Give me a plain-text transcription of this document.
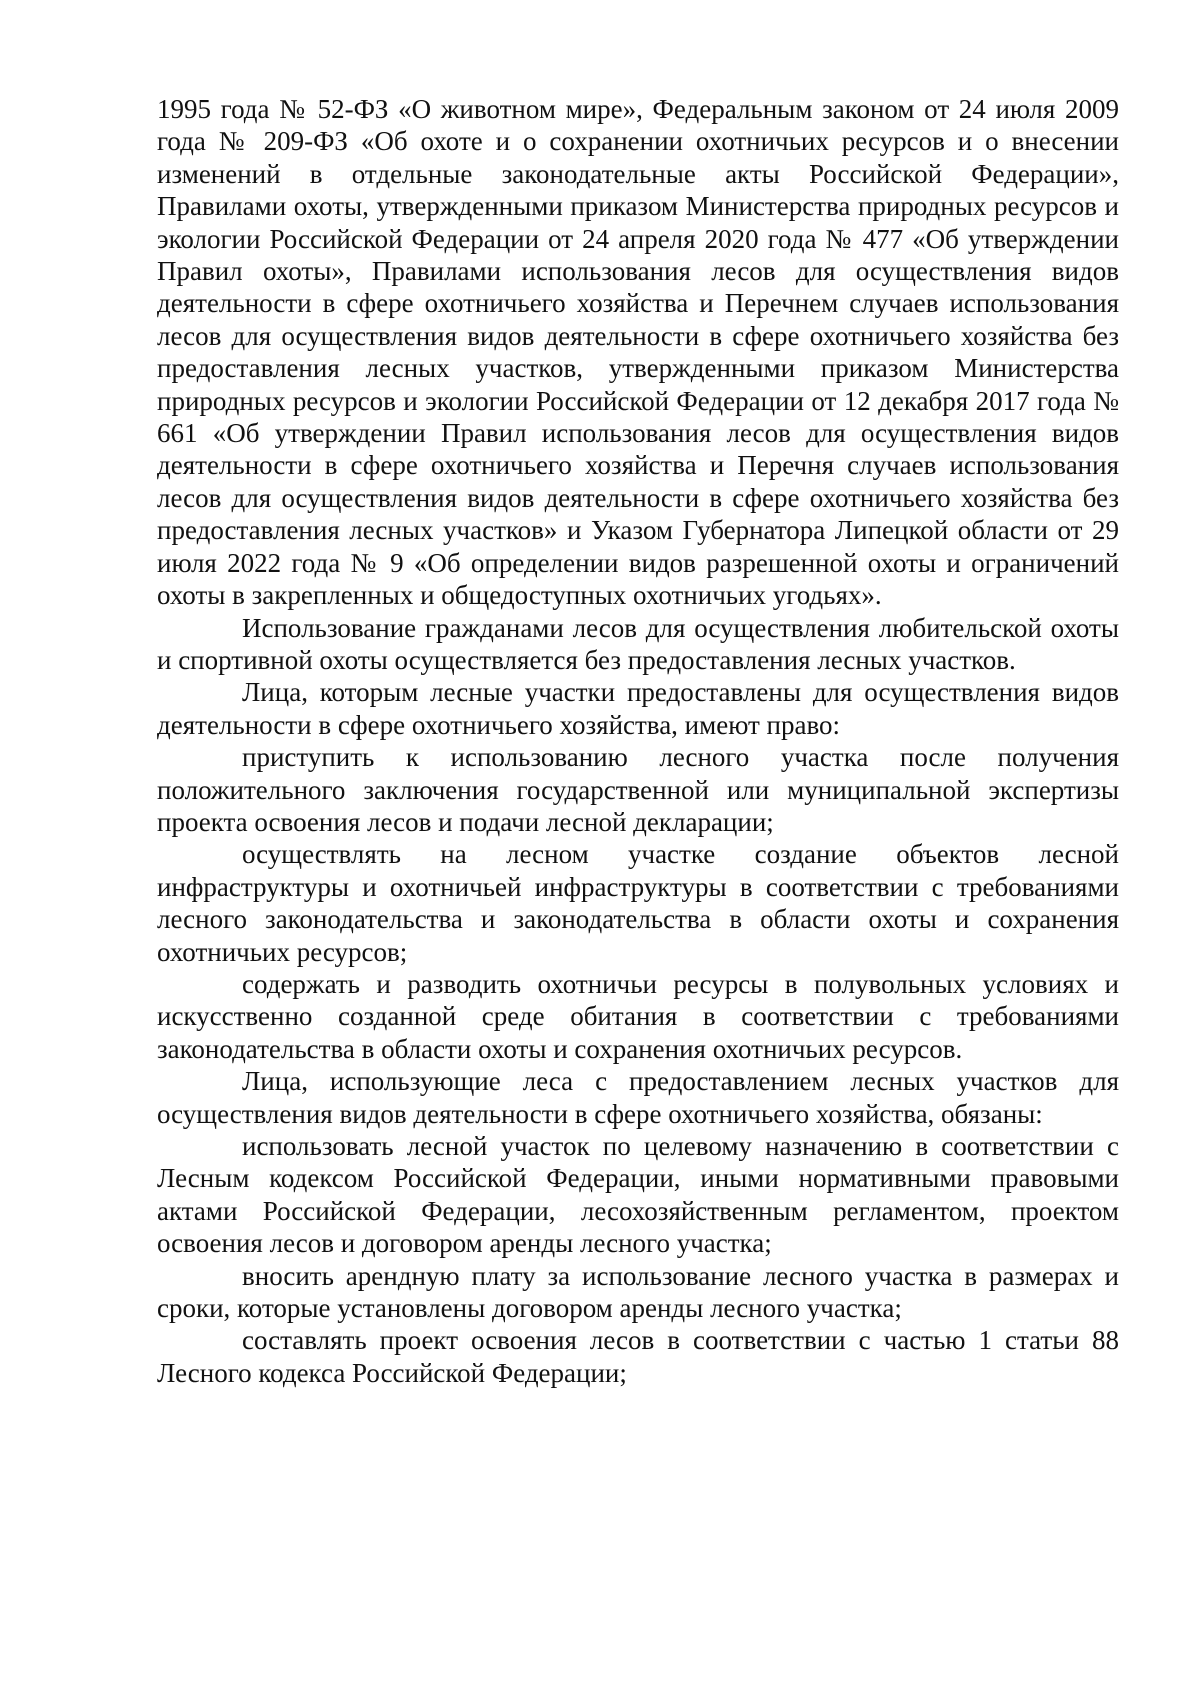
1995 года № 52-ФЗ «О животном мире», Федеральным законом от 24 июля 2009 года № 209-ФЗ «Об охоте и о сохранении охотничьих ресурсов и о внесении изменений в отдельные законодательные акты Российской Федерации», Правилами охоты, утвержденными приказом Министерства природных ресурсов и экологии Российской Федерации от 24 апреля 2020 года № 477 «Об утверждении Правил охоты», Правилами использования лесов для осуществления видов деятельности в сфере охотничьего хозяйства и Перечнем случаев использования лесов для осуществления видов деятельности в сфере охотничьего хозяйства без предоставления лесных участков, утвержденными приказом Министерства природных ресурсов и экологии Российской Федерации от 12 декабря 2017 года № 661 «Об утверждении Правил использования лесов для осуществления видов деятельности в сфере охотничьего хозяйства и Перечня случаев использования лесов для осуществления видов деятельности в сфере охотничьего хозяйства без предоставления лесных участков» и Указом Губернатора Липецкой области от 29 июля 2022 года № 9 «Об определении видов разрешенной охоты и ограничений охоты в закрепленных и общедоступных охотничьих угодьях».

Использование гражданами лесов для осуществления любительской охоты и спортивной охоты осуществляется без предоставления лесных участков.

Лица, которым лесные участки предоставлены для осуществления видов деятельности в сфере охотничьего хозяйства, имеют право:

приступить к использованию лесного участка после получения положительного заключения государственной или муниципальной экспертизы проекта освоения лесов и подачи лесной декларации;

осуществлять на лесном участке создание объектов лесной инфраструктуры и охотничьей инфраструктуры в соответствии с требованиями лесного законодательства и законодательства в области охоты и сохранения охотничьих ресурсов;

содержать и разводить охотничьи ресурсы в полувольных условиях и искусственно созданной среде обитания в соответствии с требованиями законодательства в области охоты и сохранения охотничьих ресурсов.

Лица, использующие леса с предоставлением лесных участков для осуществления видов деятельности в сфере охотничьего хозяйства, обязаны:

использовать лесной участок по целевому назначению в соответствии с Лесным кодексом Российской Федерации, иными нормативными правовыми актами Российской Федерации, лесохозяйственным регламентом, проектом освоения лесов и договором аренды лесного участка;

вносить арендную плату за использование лесного участка в размерах и сроки, которые установлены договором аренды лесного участка;

составлять проект освоения лесов в соответствии с частью 1 статьи 88 Лесного кодекса Российской Федерации;
